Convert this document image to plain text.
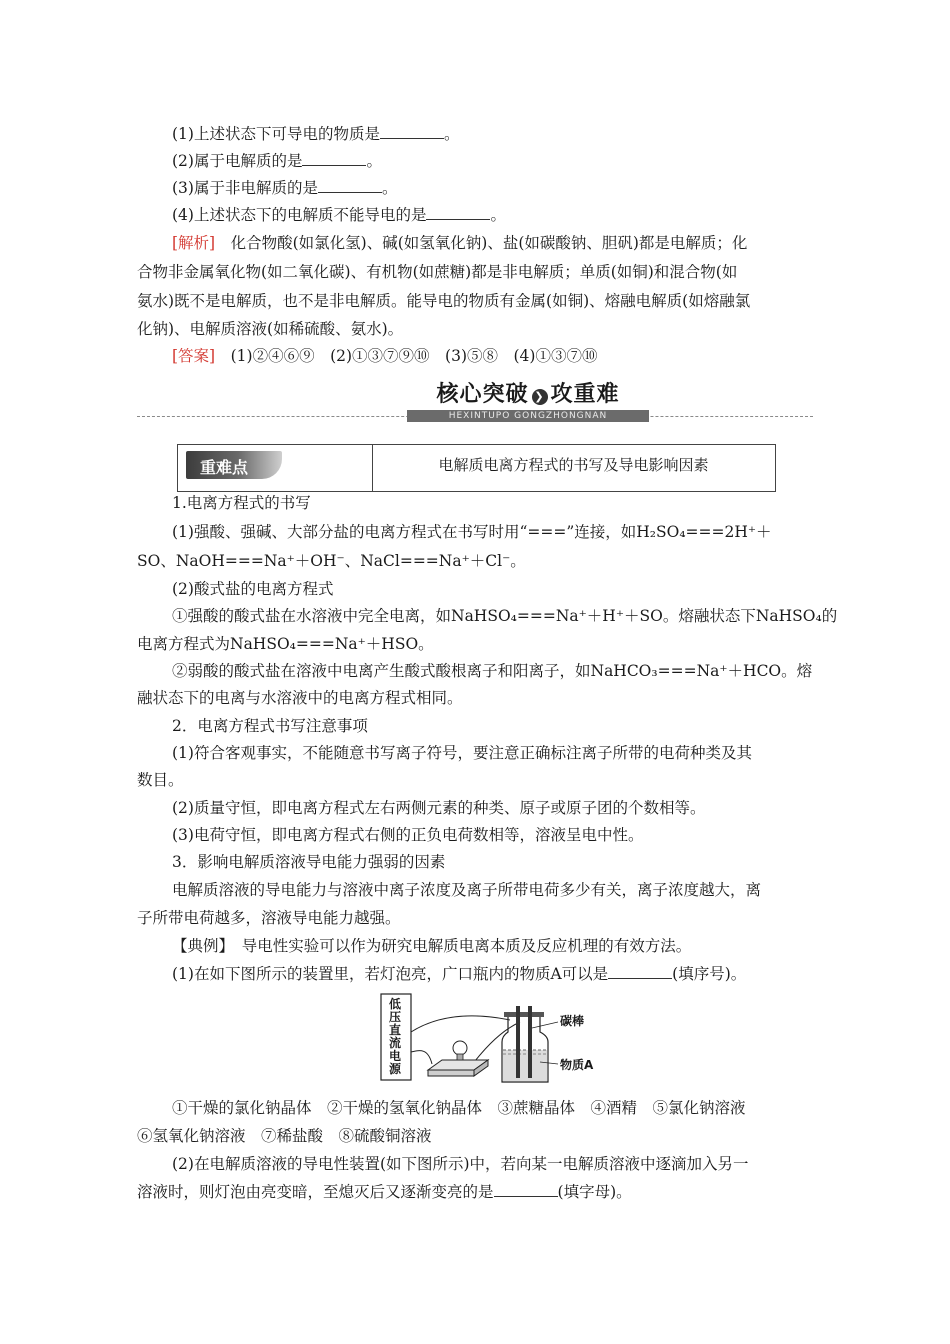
(1)上述状态下可导电的物质是	。
(2)属于电解质的是	。
(3)属于非电解质的是	。
(4)上述状态下的电解质不能导电的是	。
[解析]　 化合物酸(如氯化氢)、碱(如氢氧化钠)、盐(如碳酸钠、胆矾)都是电解质；化
合物非金属氧化物(如二氧化碳)、有机物(如蔗糖)都是非电解质；单质(如铜)和混合物(如
氨水)既不是电解质，也不是非电解质。能导电的物质有金属(如铜)、熔融电解质(如熔融氯
化钠)、电解质溶液(如稀硫酸、氨水)。
[答案]　 (1)②④⑥⑨　(2)①③⑦⑨⑩　(3)⑤⑧　(4)①③⑦⑩
核心突破 ❯ 攻重难
HEXINTUPO GONGZHONGNAN
重难点	电解质电离方程式的书写及导电影响因素
1.电离方程式的书写
(1)强酸、强碱、大部分盐的电离方程式在书写时用“===”连接，如H₂SO₄===2H⁺＋
SO、NaOH===Na⁺＋OH⁻、NaCl===Na⁺＋Cl⁻。
(2)酸式盐的电离方程式
①强酸的酸式盐在水溶液中完全电离，如NaHSO₄===Na⁺＋H⁺＋SO。熔融状态下NaHSO₄的
电离方程式为NaHSO₄===Na⁺＋HSO。
②弱酸的酸式盐在溶液中电离产生酸式酸根离子和阳离子，如NaHCO₃===Na⁺＋HCO。熔
融状态下的电离与水溶液中的电离方程式相同。
2．电离方程式书写注意事项
(1)符合客观事实，不能随意书写离子符号，要注意正确标注离子所带的电荷种类及其
数目。
(2)质量守恒，即电离方程式左右两侧元素的种类、原子或原子团的个数相等。
(3)电荷守恒，即电离方程式右侧的正负电荷数相等，溶液呈电中性。
3．影响电解质溶液导电能力强弱的因素
电解质溶液的导电能力与溶液中离子浓度及离子所带电荷多少有关，离子浓度越大，离
子所带电荷越多，溶液导电能力越强。
【典例】　 导电性实验可以作为研究电解质电离本质及反应机理的有效方法。
(1)在如下图所示的装置里，若灯泡亮，广口瓶内的物质A可以是	(填序号)。
低压直流电源
碳棒
物质A
①干燥的氯化钠晶体　②干燥的氢氧化钠晶体　③蔗糖晶体　④酒精　⑤氯化钠溶液
⑥氢氧化钠溶液　⑦稀盐酸　⑧硫酸铜溶液
(2)在电解质溶液的导电性装置(如下图所示)中，若向某一电解质溶液中逐滴加入另一
溶液时，则灯泡由亮变暗，至熄灭后又逐渐变亮的是	(填字母)。
